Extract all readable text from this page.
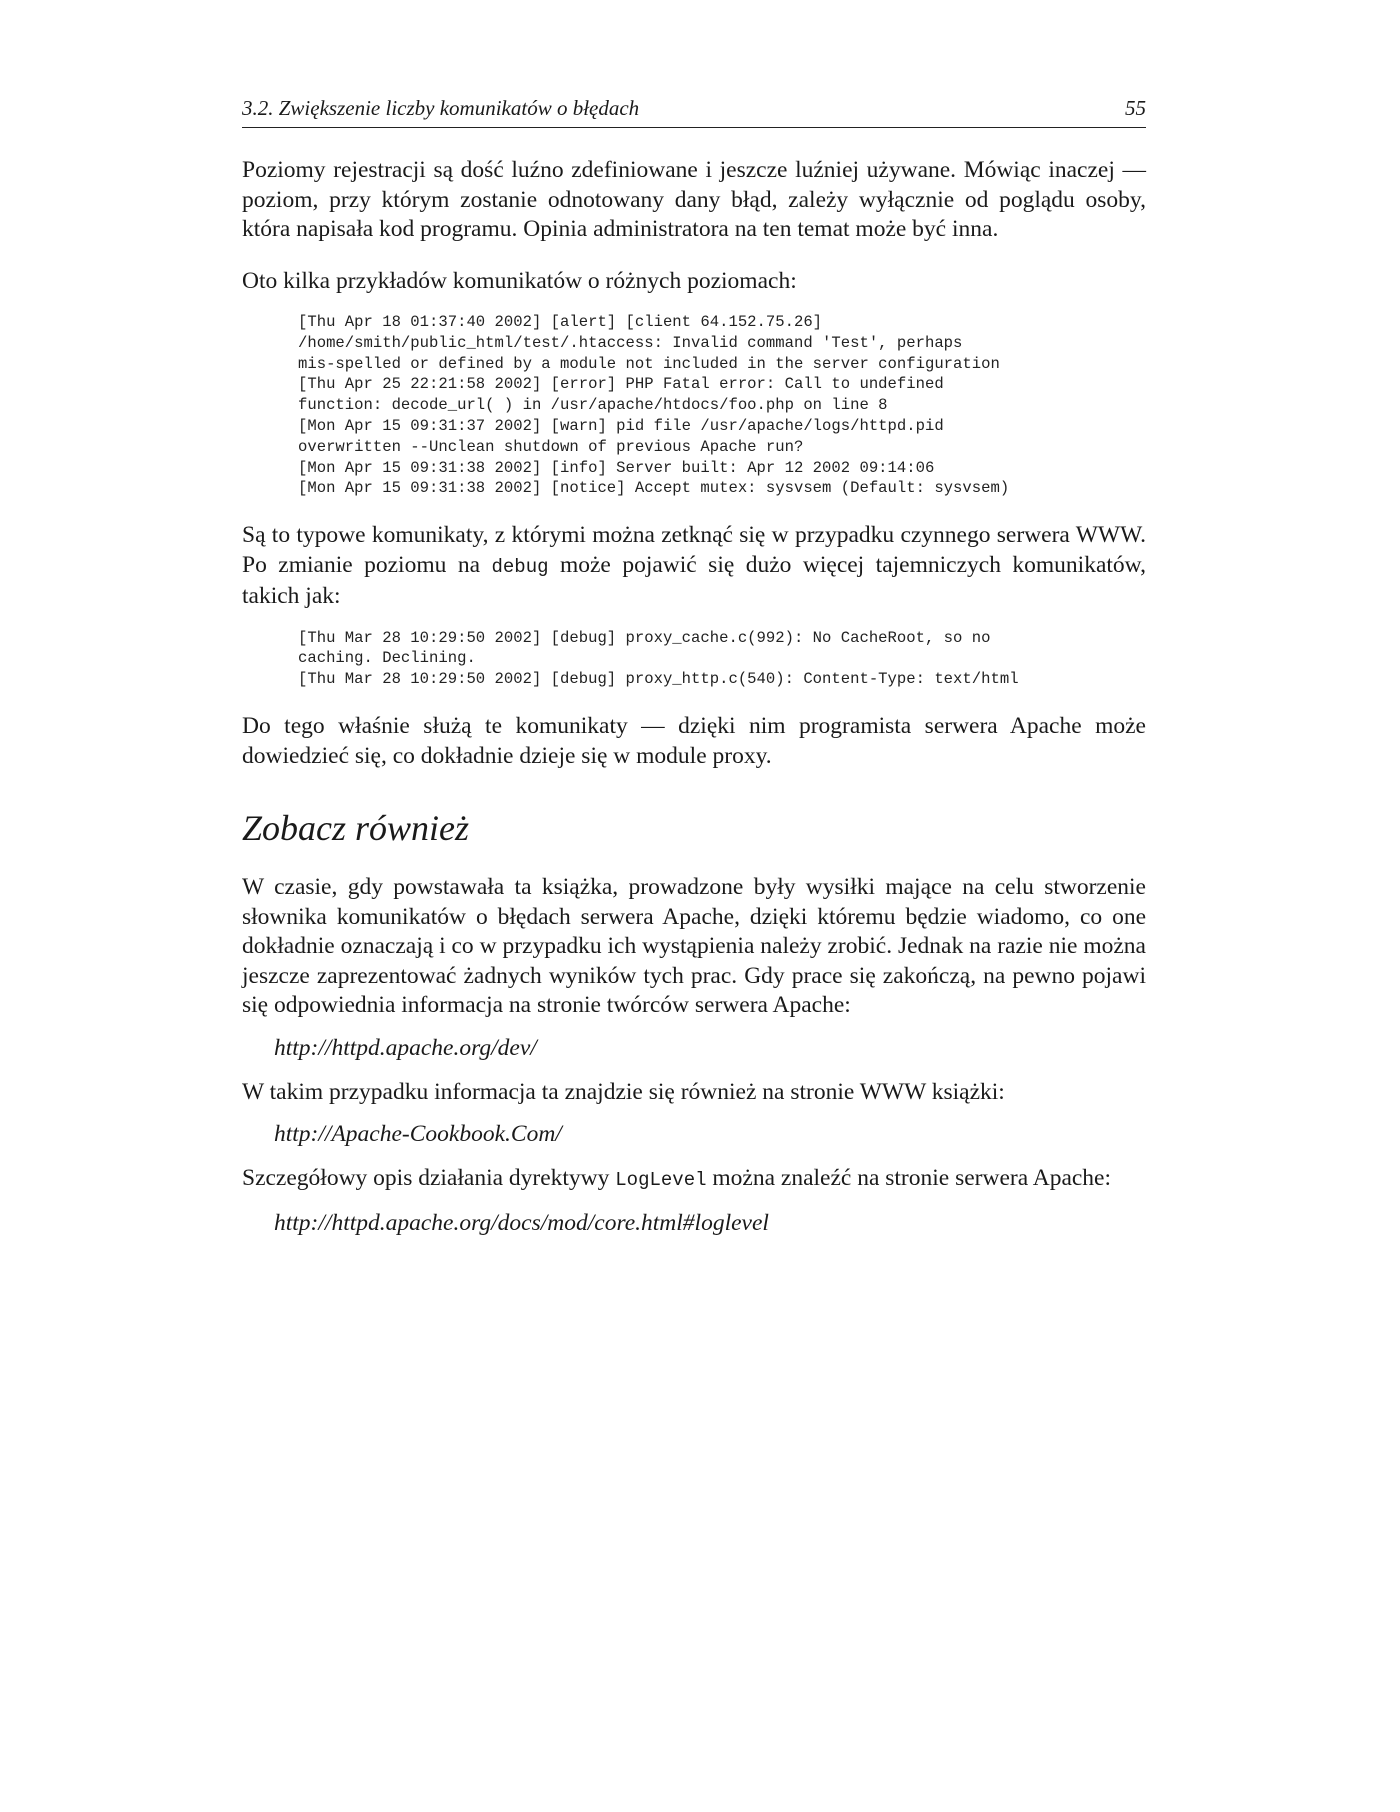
3.2. Zwiększenie liczby komunikatów o błędach	55

Poziomy rejestracji są dość luźno zdefiniowane i jeszcze luźniej używane. Mówiąc inaczej — poziom, przy którym zostanie odnotowany dany błąd, zależy wyłącznie od poglądu osoby, która napisała kod programu. Opinia administratora na ten temat może być inna.

Oto kilka przykładów komunikatów o różnych poziomach:

[Thu Apr 18 01:37:40 2002] [alert] [client 64.152.75.26]
/home/smith/public_html/test/.htaccess: Invalid command 'Test', perhaps
mis-spelled or defined by a module not included in the server configuration
[Thu Apr 25 22:21:58 2002] [error] PHP Fatal error: Call to undefined
function: decode_url( ) in /usr/apache/htdocs/foo.php on line 8
[Mon Apr 15 09:31:37 2002] [warn] pid file /usr/apache/logs/httpd.pid
overwritten --Unclean shutdown of previous Apache run?
[Mon Apr 15 09:31:38 2002] [info] Server built: Apr 12 2002 09:14:06
[Mon Apr 15 09:31:38 2002] [notice] Accept mutex: sysvsem (Default: sysvsem)

Są to typowe komunikaty, z którymi można zetknąć się w przypadku czynnego serwera WWW. Po zmianie poziomu na debug może pojawić się dużo więcej tajemniczych komunikatów, takich jak:

[Thu Mar 28 10:29:50 2002] [debug] proxy_cache.c(992): No CacheRoot, so no
caching. Declining.
[Thu Mar 28 10:29:50 2002] [debug] proxy_http.c(540): Content-Type: text/html

Do tego właśnie służą te komunikaty — dzięki nim programista serwera Apache może dowiedzieć się, co dokładnie dzieje się w module proxy.

Zobacz również

W czasie, gdy powstawała ta książka, prowadzone były wysiłki mające na celu stworzenie słownika komunikatów o błędach serwera Apache, dzięki któremu będzie wiadomo, co one dokładnie oznaczają i co w przypadku ich wystąpienia należy zrobić. Jednak na razie nie można jeszcze zaprezentować żadnych wyników tych prac. Gdy prace się zakończą, na pewno pojawi się odpowiednia informacja na stronie twórców serwera Apache:

http://httpd.apache.org/dev/

W takim przypadku informacja ta znajdzie się również na stronie WWW książki:

http://Apache-Cookbook.Com/

Szczegółowy opis działania dyrektywy LogLevel można znaleźć na stronie serwera Apache:

http://httpd.apache.org/docs/mod/core.html#loglevel
